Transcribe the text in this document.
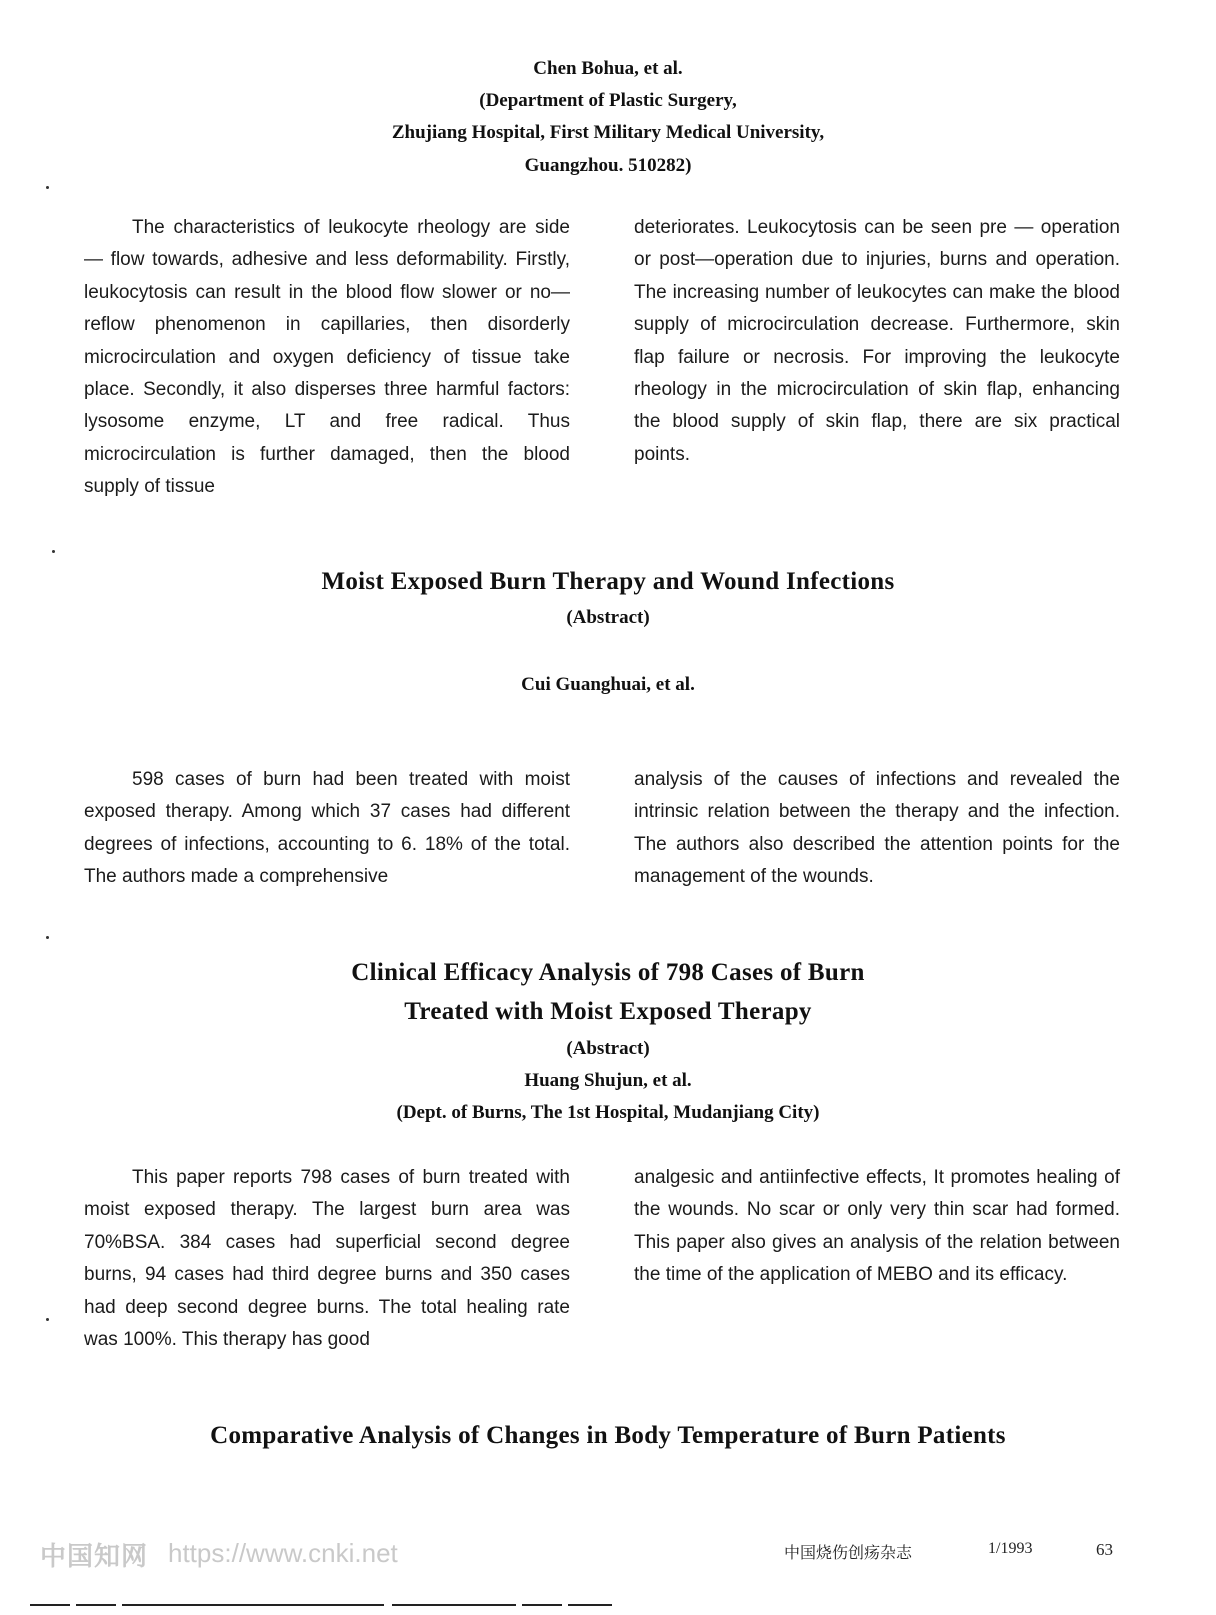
Chen Bohua, et al.
(Department of Plastic Surgery,
Zhujiang Hospital, First Military Medical University,
Guangzhou. 510282)

The characteristics of leukocyte rheology are side — flow towards, adhesive and less deformability. Firstly, leukocytosis can result in the blood flow slower or no—reflow phenomenon in capillaries, then disorderly microcirculation and oxygen deficiency of tissue take place. Secondly, it also disperses three harmful factors: lysosome enzyme, LT and free radical. Thus microcirculation is further damaged, then the blood supply of tissue

deteriorates. Leukocytosis can be seen pre — operation or post—operation due to injuries, burns and operation. The increasing number of leukocytes can make the blood supply of microcirculation decrease. Furthermore, skin flap failure or necrosis. For improving the leukocyte rheology in the microcirculation of skin flap, enhancing the blood supply of skin flap, there are six practical points.

Moist Exposed Burn Therapy and Wound Infections
(Abstract)
Cui Guanghuai, et al.

598 cases of burn had been treated with moist exposed therapy. Among which 37 cases had different degrees of infections, accounting to 6. 18% of the total. The authors made a comprehensive

analysis of the causes of infections and revealed the intrinsic relation between the therapy and the infection. The authors also described the attention points for the management of the wounds.

Clinical Efficacy Analysis of 798 Cases of Burn
Treated with Moist Exposed Therapy
(Abstract)
Huang Shujun, et al.
(Dept. of Burns, The 1st Hospital, Mudanjiang City)

This paper reports 798 cases of burn treated with moist exposed therapy. The largest burn area was 70%BSA. 384 cases had superficial second degree burns, 94 cases had third degree burns and 350 cases had deep second degree burns. The total healing rate was 100%. This therapy has good

analgesic and antiinfective effects, It promotes healing of the wounds. No scar or only very thin scar had formed. This paper also gives an analysis of the relation between the time of the application of MEBO and its efficacy.

Comparative Analysis of Changes in Body Temperature of Burn Patients
中国知网 https://www.cnki.net	中国烧伤创疡杂志	1/1993	63
